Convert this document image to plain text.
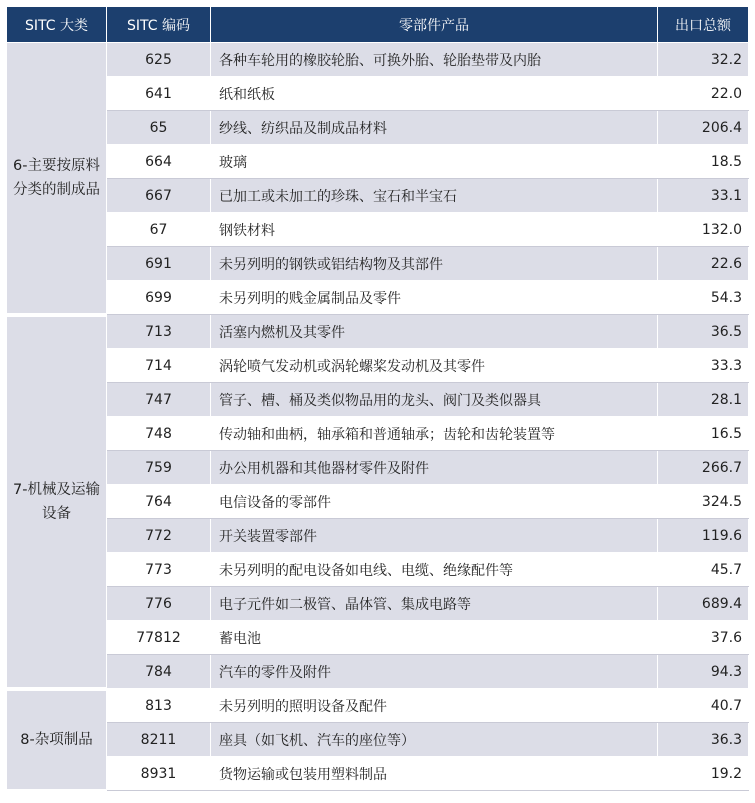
SITC 大类	SITC 编码	零部件产品	出口总额
6-主要按原料分类的制成品	625	各种车轮用的橡胶轮胎、可换外胎、轮胎垫带及内胎	32.2
	641	纸和纸板	22.0
	65	纱线、纺织品及制成品材料	206.4
	664	玻璃	18.5
	667	已加工或未加工的珍珠、宝石和半宝石	33.1
	67	钢铁材料	132.0
	691	未另列明的钢铁或铝结构物及其部件	22.6
	699	未另列明的贱金属制品及零件	54.3
7-机械及运输设备	713	活塞内燃机及其零件	36.5
	714	涡轮喷气发动机或涡轮螺桨发动机及其零件	33.3
	747	管子、槽、桶及类似物品用的龙头、阀门及类似器具	28.1
	748	传动轴和曲柄，轴承箱和普通轴承；齿轮和齿轮装置等	16.5
	759	办公用机器和其他器材零件及附件	266.7
	764	电信设备的零部件	324.5
	772	开关装置零部件	119.6
	773	未另列明的配电设备如电线、电缆、绝缘配件等	45.7
	776	电子元件如二极管、晶体管、集成电路等	689.4
	77812	蓄电池	37.6
	784	汽车的零件及附件	94.3
8-杂项制品	813	未另列明的照明设备及配件	40.7
	8211	座具（如飞机、汽车的座位等）	36.3
	8931	货物运输或包装用塑料制品	19.2
